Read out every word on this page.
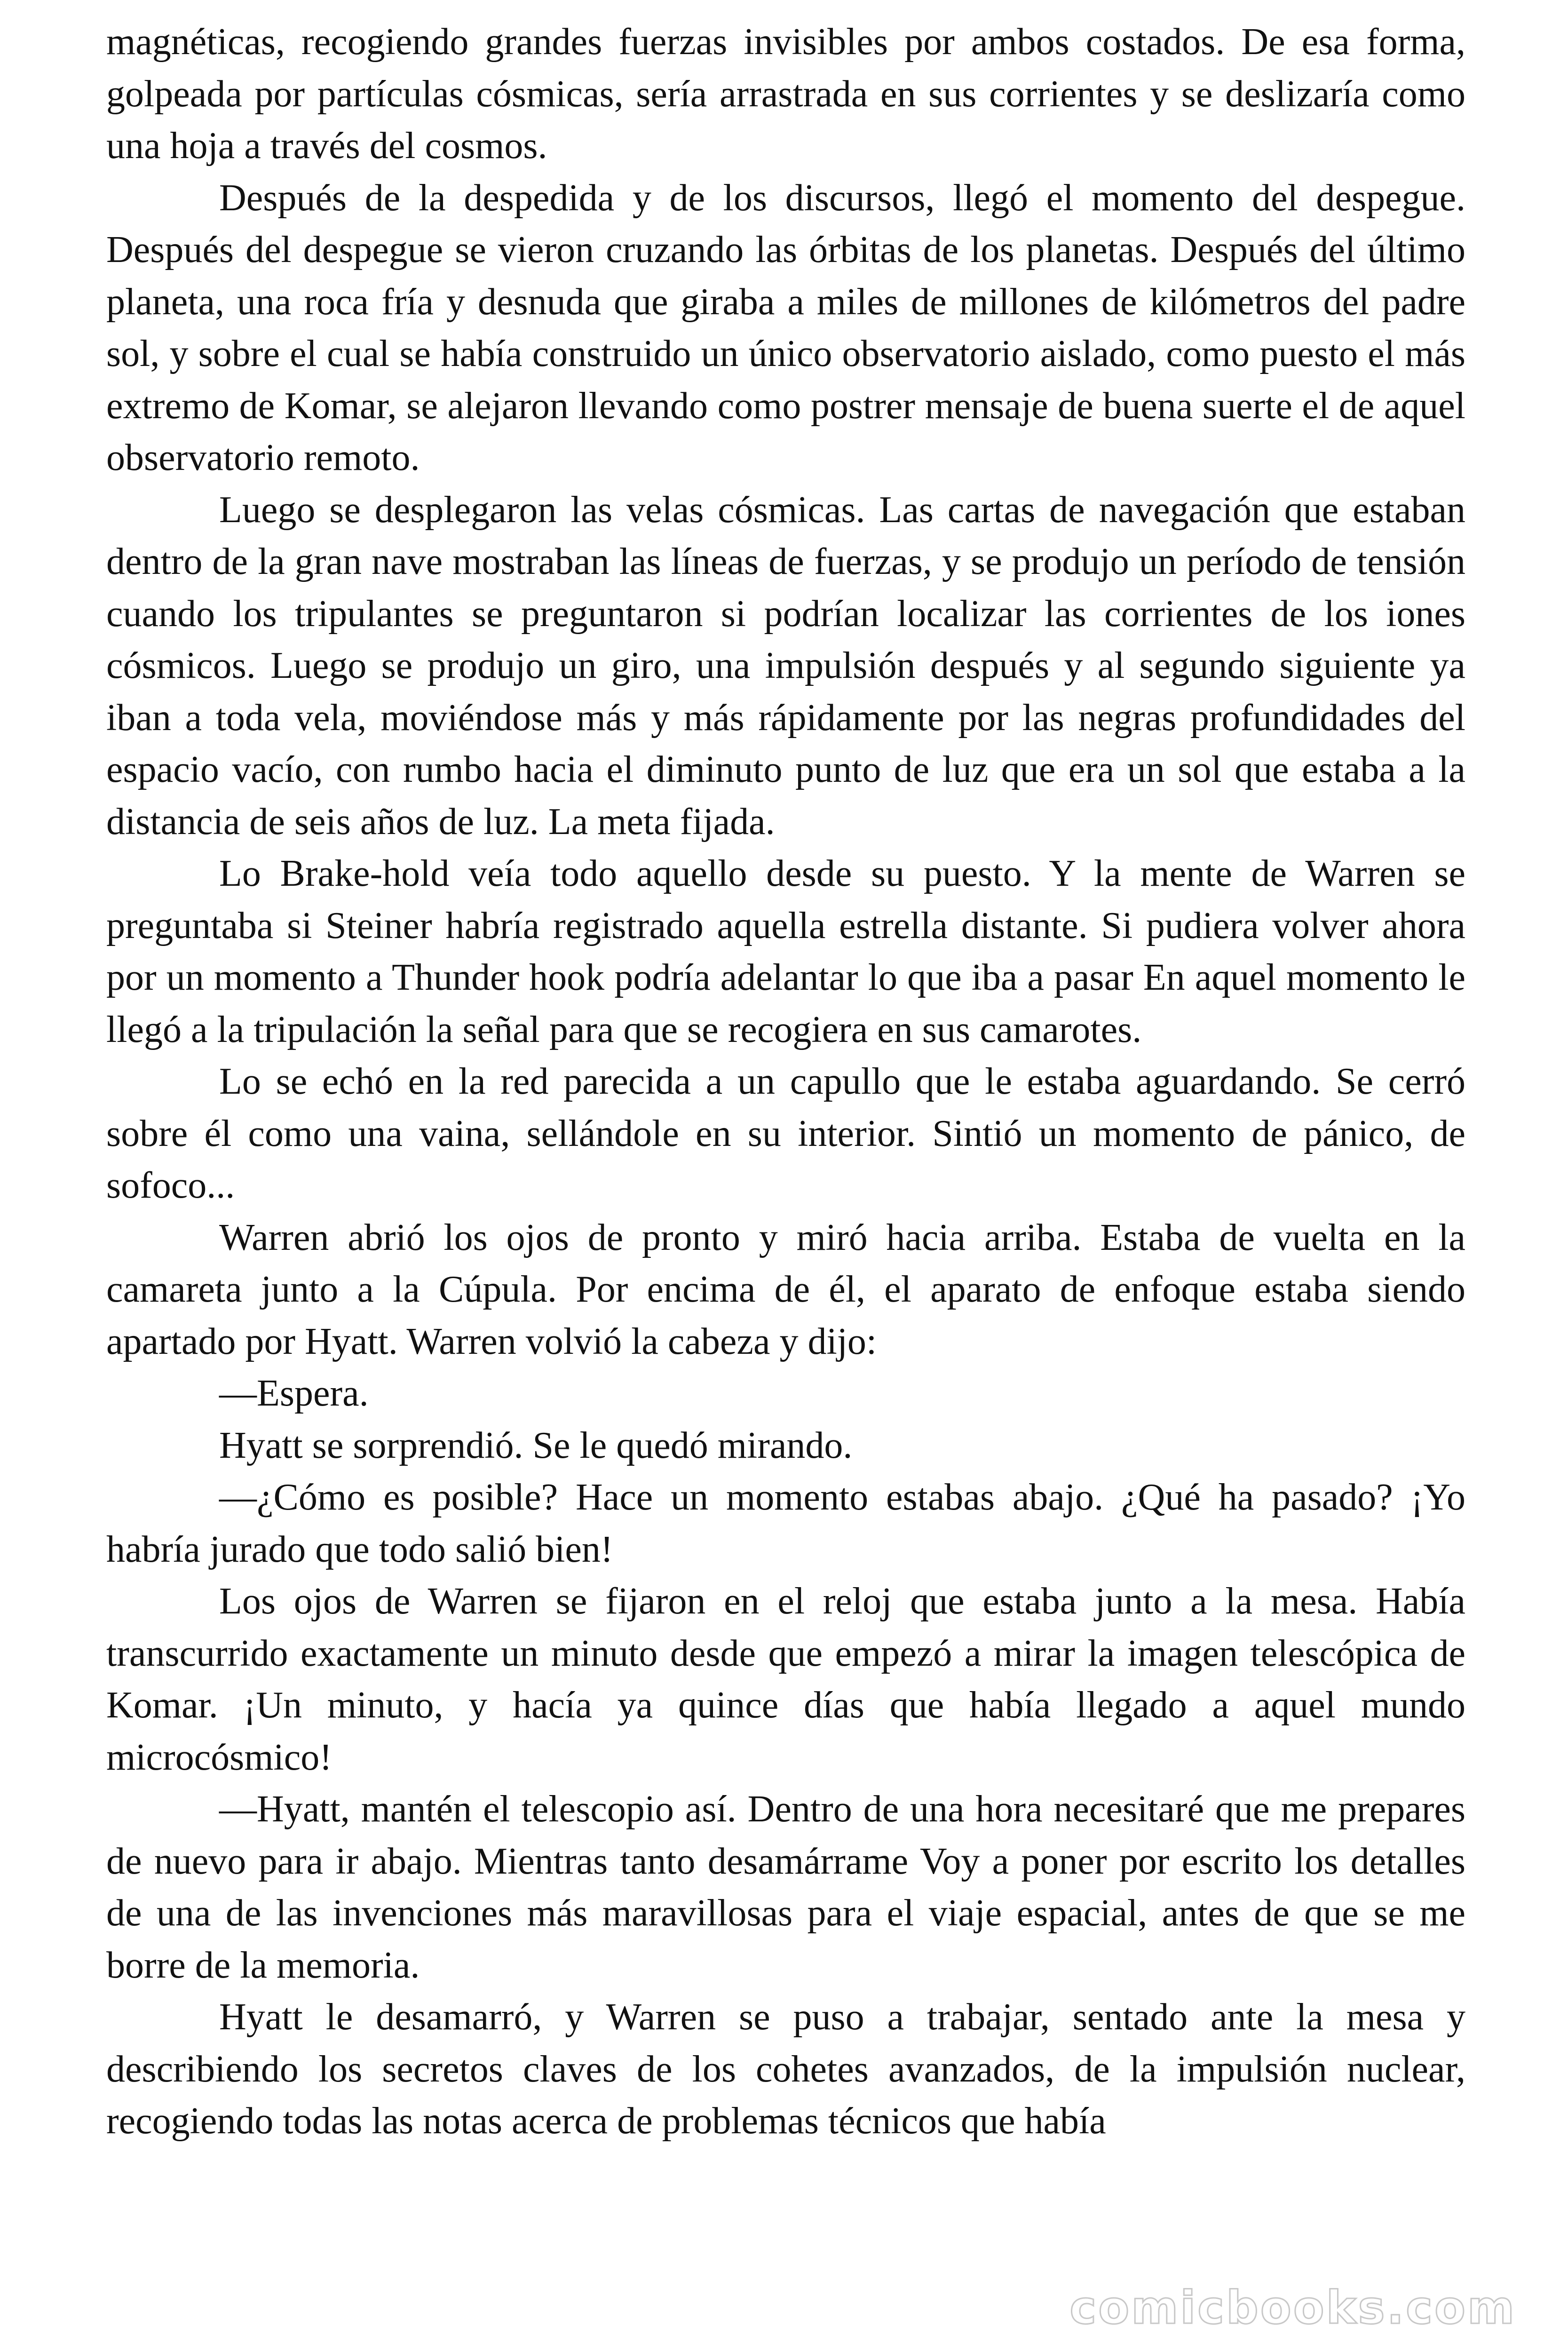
magnéticas, recogiendo grandes fuerzas invisibles por ambos costados. De esa forma, golpeada por partículas cósmicas, sería arrastrada en sus corrientes y se deslizaría como una hoja a través del cosmos.

Después de la despedida y de los discursos, llegó el momento del despegue. Después del despegue se vieron cruzando las órbitas de los planetas. Después del último planeta, una roca fría y desnuda que giraba a miles de millones de kilómetros del padre sol, y sobre el cual se había construido un único observatorio aislado, como puesto el más extremo de Komar, se alejaron llevando como postrer mensaje de buena suerte el de aquel observatorio remoto.

Luego se desplegaron las velas cósmicas. Las cartas de navegación que estaban dentro de la gran nave mostraban las líneas de fuerzas, y se produjo un período de tensión cuando los tripulantes se preguntaron si podrían localizar las corrientes de los iones cósmicos. Luego se produjo un giro, una impulsión después y al segundo siguiente ya iban a toda vela, moviéndose más y más rápidamente por las negras profundidades del espacio vacío, con rumbo hacia el diminuto punto de luz que era un sol que estaba a la distancia de seis años de luz. La meta fijada.

Lo Brake-hold veía todo aquello desde su puesto. Y la mente de Warren se preguntaba si Steiner habría registrado aquella estrella distante. Si pudiera volver ahora por un momento a Thunder hook podría adelantar lo que iba a pasar En aquel momento le llegó a la tripulación la señal para que se recogiera en sus camarotes.

Lo se echó en la red parecida a un capullo que le estaba aguardando. Se cerró sobre él como una vaina, sellándole en su interior. Sintió un momento de pánico, de sofoco...

Warren abrió los ojos de pronto y miró hacia arriba. Estaba de vuelta en la camareta junto a la Cúpula. Por encima de él, el aparato de enfoque estaba siendo apartado por Hyatt. Warren volvió la cabeza y dijo:

—Espera.

Hyatt se sorprendió. Se le quedó mirando.

—¿Cómo es posible? Hace un momento estabas abajo. ¿Qué ha pasado? ¡Yo habría jurado que todo salió bien!

Los ojos de Warren se fijaron en el reloj que estaba junto a la mesa. Había transcurrido exactamente un minuto desde que empezó a mirar la imagen telescópica de Komar. ¡Un minuto, y hacía ya quince días que había llegado a aquel mundo microcósmico!

—Hyatt, mantén el telescopio así. Dentro de una hora necesitaré que me prepares de nuevo para ir abajo. Mientras tanto desamárrame Voy a poner por escrito los detalles de una de las invenciones más maravillosas para el viaje espacial, antes de que se me borre de la memoria.

Hyatt le desamarró, y Warren se puso a trabajar, sentado ante la mesa y describiendo los secretos claves de los cohetes avanzados, de la impulsión nuclear, recogiendo todas las notas acerca de problemas técnicos que había

comicbooks.com
